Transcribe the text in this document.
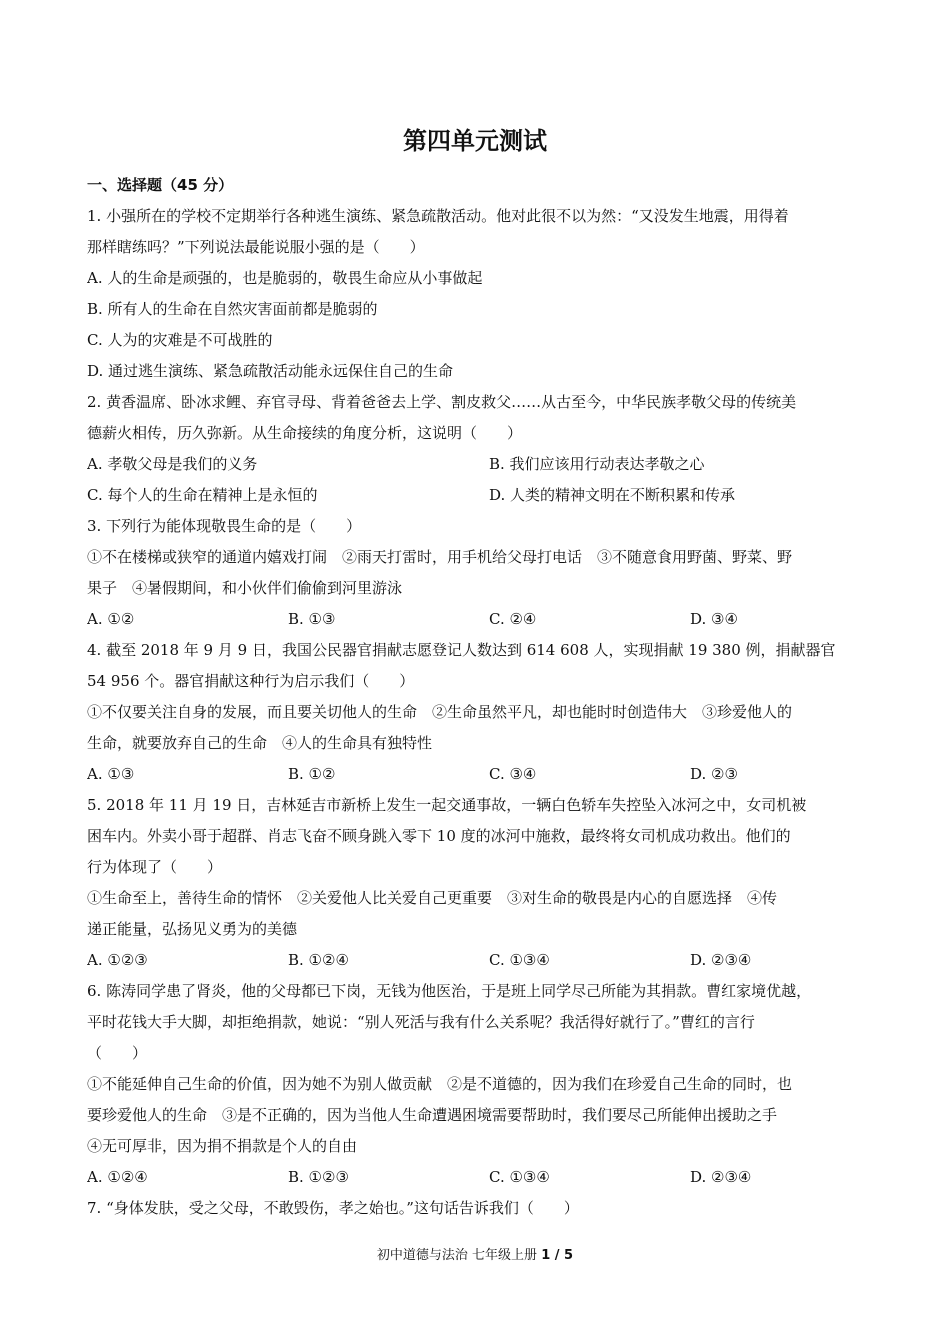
第四单元测试
一、选择题（45 分）
1. 小强所在的学校不定期举行各种逃生演练、紧急疏散活动。他对此很不以为然：“又没发生地震，用得着
那样瞎练吗？”下列说法最能说服小强的是（　　）
A. 人的生命是顽强的，也是脆弱的，敬畏生命应从小事做起
B. 所有人的生命在自然灾害面前都是脆弱的
C. 人为的灾难是不可战胜的
D. 通过逃生演练、紧急疏散活动能永远保住自己的生命
2. 黄香温席、卧冰求鲤、弃官寻母、背着爸爸去上学、割皮救父……从古至今，中华民族孝敬父母的传统美
德薪火相传，历久弥新。从生命接续的角度分析，这说明（　　）
A. 孝敬父母是我们的义务	B. 我们应该用行动表达孝敬之心
C. 每个人的生命在精神上是永恒的	D. 人类的精神文明在不断积累和传承
3. 下列行为能体现敬畏生命的是（　　）
①不在楼梯或狭窄的通道内嬉戏打闹　②雨天打雷时，用手机给父母打电话　③不随意食用野菌、野菜、野
果子　④暑假期间，和小伙伴们偷偷到河里游泳
A. ①②	B. ①③	C. ②④	D. ③④
4. 截至 2018 年 9 月 9 日，我国公民器官捐献志愿登记人数达到 614 608 人，实现捐献 19 380 例，捐献器官
54 956 个。器官捐献这种行为启示我们（　　）
①不仅要关注自身的发展，而且要关切他人的生命　②生命虽然平凡，却也能时时创造伟大　③珍爱他人的
生命，就要放弃自己的生命　④人的生命具有独特性
A. ①③	B. ①②	C. ③④	D. ②③
5. 2018 年 11 月 19 日，吉林延吉市新桥上发生一起交通事故，一辆白色轿车失控坠入冰河之中，女司机被
困车内。外卖小哥于超群、肖志飞奋不顾身跳入零下 10 度的冰河中施救，最终将女司机成功救出。他们的
行为体现了（　　）
①生命至上，善待生命的情怀　②关爱他人比关爱自己更重要　③对生命的敬畏是内心的自愿选择　④传
递正能量，弘扬见义勇为的美德
A. ①②③	B. ①②④	C. ①③④	D. ②③④
6. 陈涛同学患了肾炎，他的父母都已下岗，无钱为他医治，于是班上同学尽己所能为其捐款。曹红家境优越，
平时花钱大手大脚，却拒绝捐款，她说：“别人死活与我有什么关系呢？我活得好就行了。”曹红的言行
（　　）
①不能延伸自己生命的价值，因为她不为别人做贡献　②是不道德的，因为我们在珍爱自己生命的同时，也
要珍爱他人的生命　③是不正确的，因为当他人生命遭遇困境需要帮助时，我们要尽己所能伸出援助之手
④无可厚非，因为捐不捐款是个人的自由
A. ①②④	B. ①②③	C. ①③④	D. ②③④
7. “身体发肤，受之父母，不敢毁伤，孝之始也。”这句话告诉我们（　　）
初中道德与法治 七年级上册 1 / 5
